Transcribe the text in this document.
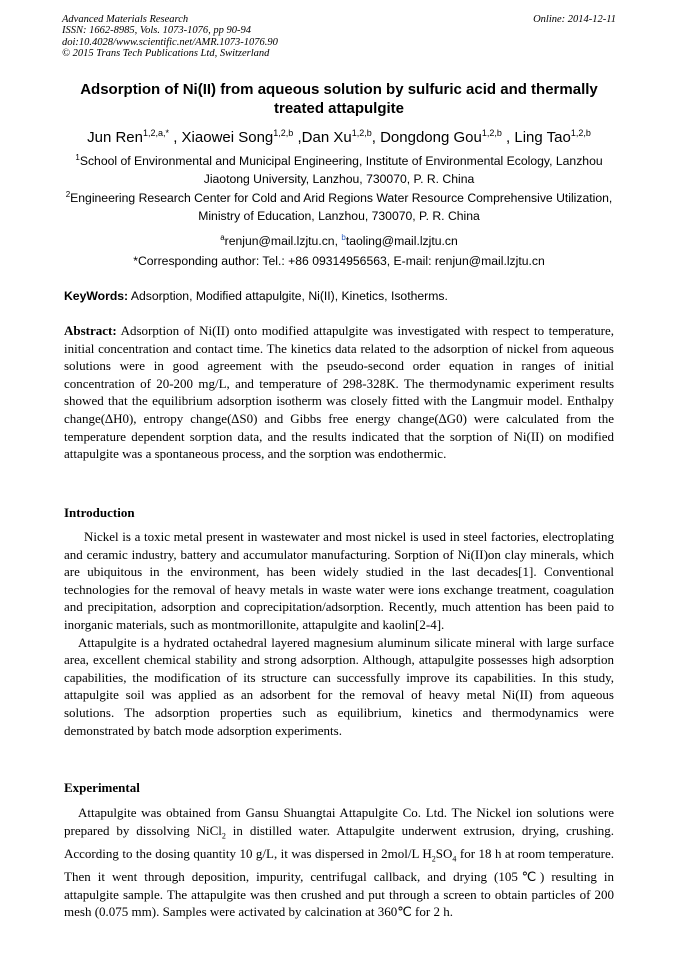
Advanced Materials Research
ISSN: 1662-8985, Vols. 1073-1076, pp 90-94
doi:10.4028/www.scientific.net/AMR.1073-1076.90
© 2015 Trans Tech Publications Ltd, Switzerland
Online: 2014-12-11
Adsorption of Ni(II) from aqueous solution by sulfuric acid and thermally treated attapulgite
Jun Ren$^{1,2,a,*}$ , Xiaowei Song$^{1,2,b}$ ,Dan Xu$^{1,2,b}$, Dongdong Gou$^{1,2,b}$ , Ling Tao$^{1,2,b}$
$^1$School of Environmental and Municipal Engineering, Institute of Environmental Ecology, Lanzhou Jiaotong University, Lanzhou, 730070, P. R. China
$^2$Engineering Research Center for Cold and Arid Regions Water Resource Comprehensive Utilization, Ministry of Education, Lanzhou, 730070, P. R. China
$^a$renjun@mail.lzjtu.cn, $^b$taoling@mail.lzjtu.cn
*Corresponding author: Tel.: +86 09314956563, E-mail: renjun@mail.lzjtu.cn
KeyWords: Adsorption, Modified attapulgite, Ni(II), Kinetics, Isotherms.

Abstract: Adsorption of Ni(II) onto modified attapulgite was investigated with respect to temperature, initial concentration and contact time. The kinetics data related to the adsorption of nickel from aqueous solutions were in good agreement with the pseudo-second order equation in ranges of initial concentration of 20-200 mg/L, and temperature of 298-328K. The thermodynamic experiment results showed that the equilibrium adsorption isotherm was closely fitted with the Langmuir model. Enthalpy change(∆H0), entropy change(∆S0) and Gibbs free energy change(∆G0) were calculated from the temperature dependent sorption data, and the results indicated that the sorption of Ni(II) on modified attapulgite was a spontaneous process, and the sorption was endothermic.

Introduction

Nickel is a toxic metal present in wastewater and most nickel is used in steel factories, electroplating and ceramic industry, battery and accumulator manufacturing. Sorption of Ni(II)on clay minerals, which are ubiquitous in the environment, has been widely studied in the last decades[1]. Conventional technologies for the removal of heavy metals in waste water were ions exchange treatment, coagulation and precipitation, adsorption and coprecipitation/adsorption. Recently, much attention has been paid to inorganic materials, such as montmorillonite, attapulgite and kaolin[2-4].

Attapulgite is a hydrated octahedral layered magnesium aluminum silicate mineral with large surface area, excellent chemical stability and strong adsorption. Although, attapulgite possesses high adsorption capabilities, the modification of its structure can successfully improve its capabilities. In this study, attapulgite soil was applied as an adsorbent for the removal of heavy metal Ni(II) from aqueous solutions. The adsorption properties such as equilibrium, kinetics and thermodynamics were demonstrated by batch mode adsorption experiments.

Experimental

Attapulgite was obtained from Gansu Shuangtai Attapulgite Co. Ltd. The Nickel ion solutions were prepared by dissolving NiCl$_2$ in distilled water. Attapulgite underwent extrusion, drying, crushing. According to the dosing quantity 10 g/L, it was dispersed in 2mol/L $H_2SO_4$ for 18 h at room temperature. Then it went through deposition, impurity, centrifugal callback, and drying (105℃) resulting in attapulgite sample. The attapulgite was then crushed and put through a screen to obtain particles of 200 mesh (0.075 mm). Samples were activated by calcination at 360℃ for 2 h.
